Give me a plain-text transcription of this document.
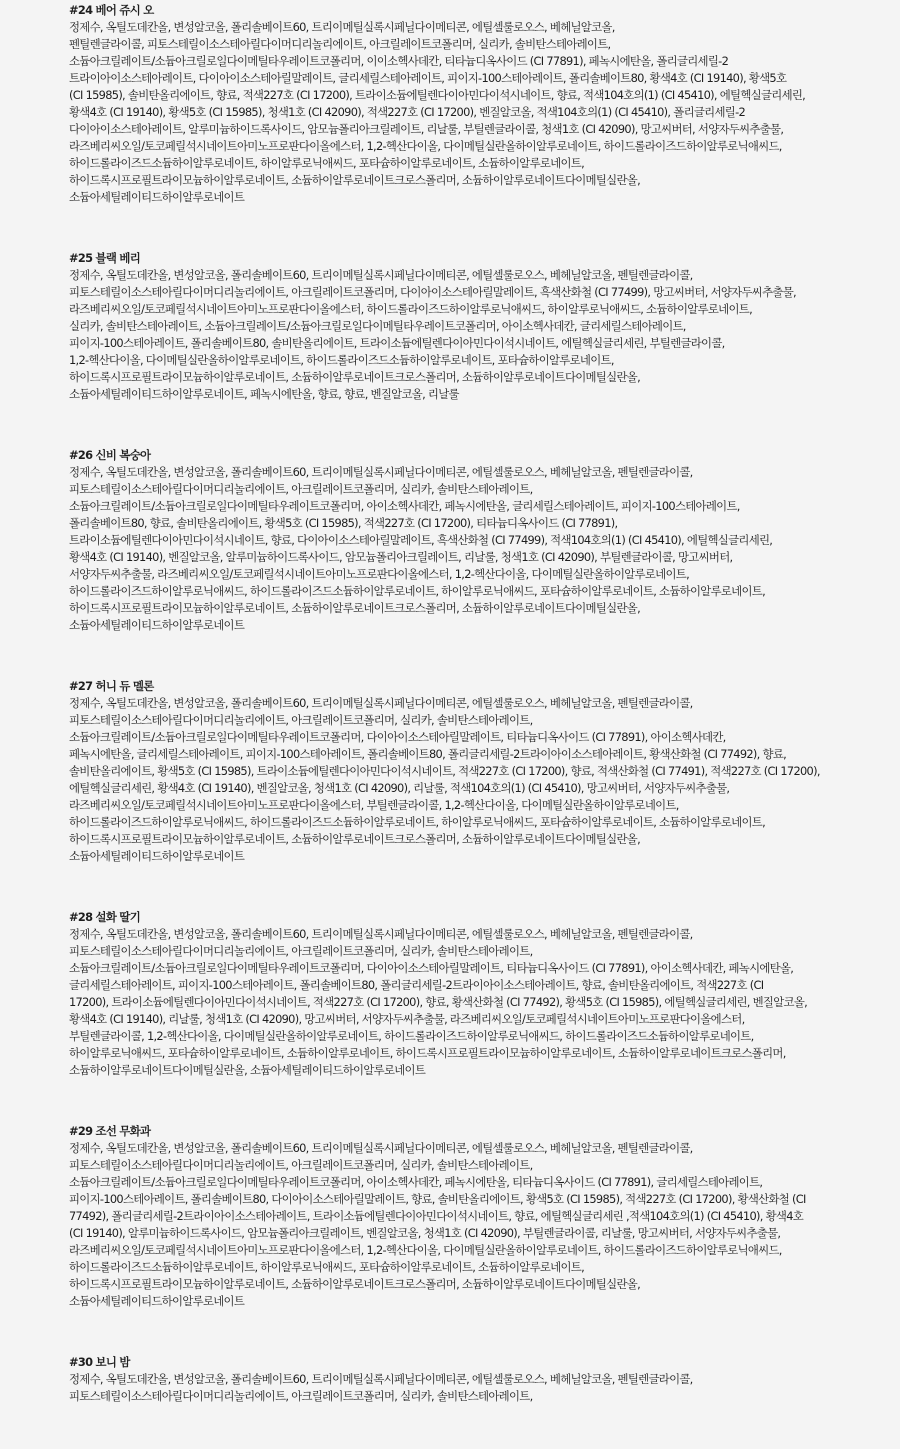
#24 베어 쥬시 오
정제수, 옥틸도데칸올, 변성알코올, 폴리솔베이트60, 트리이메틸실록시페닐다이메티콘, 에틸셀룰로오스, 베헤닐알코올,
펜틸렌글라이콜, 피토스테릴이소스테아릴다이머디리놀리에이트, 아크릴레이트코폴리머, 실리카, 솔비탄스테아레이트,
소듐아크릴레이트/소듐아크릴로일다이메틸타우레이트코폴리머, 이이소헥사데칸, 티타늄디옥사이드 (CI 77891), 페녹시에탄올, 폴리글리세릴-2
트라이아이소스테아레이트, 다이아이소스테아릴말레이트, 글리세릴스테아레이트, 피이지-100스테아레이트, 폴리솔베이트80, 황색4호 (CI 19140), 황색5호
(CI 15985), 솔비탄올리에이트, 향료, 적색227호 (CI 17200), 트라이소듐에틸렌다이아민다이석시네이트, 향료, 적색104호의(1) (CI 45410), 에틸헥실글리세린,
황색4호 (CI 19140), 황색5호 (CI 15985), 청색1호 (CI 42090), 적색227호 (CI 17200), 벤질알코올, 적색104호의(1) (CI 45410), 폴리글리세릴-2
다이아이소스테아레이트, 알루미늄하이드록사이드, 암모늄폴리아크릴레이트, 리날룰, 부틸렌글라이콜, 청색1호 (CI 42090), 망고씨버터, 서양자두씨추출물,
라즈베리씨오일/토코페릴석시네이트아미노프로판다이올에스터, 1,2-헥산다이올, 다이메틸실란올하이알루로네이트, 하이드롤라이즈드하이알루로닉애씨드,
하이드롤라이즈드소듐하이알루로네이트, 하이알루로닉애씨드, 포타슘하이알루로네이트, 소듐하이알루로네이트,
하이드록시프로필트라이모늄하이알루로네이트, 소듐하이알루로네이트크로스폴리머, 소듐하이알루로네이트다이메틸실란올,
소듐아세틸레이티드하이알루로네이트
#25 블랙 베리
정제수, 옥틸도데칸올, 변성알코올, 폴리솔베이트60, 트리이메틸실록시페닐다이메티콘, 에틸셀룰로오스, 베헤닐알코올, 펜틸렌글라이콜,
피토스테릴이소스테아릴다이머디리놀리에이트, 아크릴레이트코폴리머, 다이아이소스테아릴말레이트, 흑색산화철 (CI 77499), 망고씨버터, 서양자두씨추출물,
라즈베리씨오일/토코페릴석시네이트아미노프로판다이올에스터, 하이드롤라이즈드하이알루로닉애씨드, 하이알루로닉애씨드, 소듐하이알루로네이트,
실리카, 솔비탄스테아레이트, 소듐아크릴레이트/소듐아크릴로일다이메틸타우레이트코폴리머, 아이소헥사데칸, 글리세릴스테아레이트,
피이지-100스테아레이트, 폴리솔베이트80, 솔비탄올리에이트, 트라이소듐에틸렌다이아민다이석시네이트, 에틸헥실글리세린, 부틸렌글라이콜,
1,2-헥산다이올, 다이메틸실란올하이알루로네이트, 하이드롤라이즈드소듐하이알루로네이트, 포타슘하이알루로네이트,
하이드록시프로필트라이모늄하이알루로네이트, 소듐하이알루로네이트크로스폴리머, 소듐하이알루로네이트다이메틸실란올,
소듐아세틸레이티드하이알루로네이트, 페녹시에탄올, 향료, 향료, 벤질알코올, 리날룰
#26 신비 복숭아
정제수, 옥틸도데칸올, 변성알코올, 폴리솔베이트60, 트리이메틸실록시페닐다이메티콘, 에틸셀룰로오스, 베헤닐알코올, 펜틸렌글라이콜,
피토스테릴이소스테아릴다이머디리놀리에이트, 아크릴레이트코폴리머, 실리카, 솔비탄스테아레이트,
소듐아크릴레이트/소듐아크릴로일다이메틸타우레이트코폴리머, 아이소헥사데칸, 페녹시에탄올, 글리세릴스테아레이트, 피이지-100스테아레이트,
폴리솔베이트80, 향료, 솔비탄올리에이트, 황색5호 (CI 15985), 적색227호 (CI 17200), 티타늄디옥사이드 (CI 77891),
트라이소듐에틸렌다이아민다이석시네이트, 향료, 다이아이소스테아릴말레이트, 흑색산화철 (CI 77499), 적색104호의(1) (CI 45410), 에틸헥실글리세린,
황색4호 (CI 19140), 벤질알코올, 알루미늄하이드록사이드, 암모늄폴리아크릴레이트, 리날룰, 청색1호 (CI 42090), 부틸렌글라이콜, 망고씨버터,
서양자두씨추출물, 라즈베리씨오일/토코페릴석시네이트아미노프로판다이올에스터, 1,2-헥산다이올, 다이메틸실란올하이알루로네이트,
하이드롤라이즈드하이알루로닉애씨드, 하이드롤라이즈드소듐하이알루로네이트, 하이알루로닉애씨드, 포타슘하이알루로네이트, 소듐하이알루로네이트,
하이드록시프로필트라이모늄하이알루로네이트, 소듐하이알루로네이트크로스폴리머, 소듐하이알루로네이트다이메틸실란올,
소듐아세틸레이티드하이알루로네이트
#27 허니 듀 멜론
정제수, 옥틸도데칸올, 변성알코올, 폴리솔베이트60, 트리이메틸실록시페닐다이메티콘, 에틸셀룰로오스, 베헤닐알코올, 펜틸렌글라이콜,
피토스테릴이소스테아릴다이머디리놀리에이트, 아크릴레이트코폴리머, 실리카, 솔비탄스테아레이트,
소듐아크릴레이트/소듐아크릴로일다이메틸타우레이트코폴리머, 다이아이소스테아릴말레이트, 티타늄디옥사이드 (CI 77891), 아이소헥사데칸,
페녹시에탄올, 글리세릴스테아레이트, 피이지-100스테아레이트, 폴리솔베이트80, 폴리글리세릴-2트라이아이소스테아레이트, 황색산화철 (CI 77492), 향료,
솔비탄올리에이트, 황색5호 (CI 15985), 트라이소듐에틸렌다이아민다이석시네이트, 적색227호 (CI 17200), 향료, 적색산화철 (CI 77491), 적색227호 (CI 17200),
에틸헥실글리세린, 황색4호 (CI 19140), 벤질알코올, 청색1호 (CI 42090), 리날룰, 적색104호의(1) (CI 45410), 망고씨버터, 서양자두씨추출물,
라즈베리씨오일/토코페릴석시네이트아미노프로판다이올에스터, 부틸렌글라이콜, 1,2-헥산다이올, 다이메틸실란올하이알루로네이트,
하이드롤라이즈드하이알루로닉애씨드, 하이드롤라이즈드소듐하이알루로네이트, 하이알루로닉애씨드, 포타슘하이알루로네이트, 소듐하이알루로네이트,
하이드록시프로필트라이모늄하이알루로네이트, 소듐하이알루로네이트크로스폴리머, 소듐하이알루로네이트다이메틸실란올,
소듐아세틸레이티드하이알루로네이트
#28 설화 딸기
정제수, 옥틸도데칸올, 변성알코올, 폴리솔베이트60, 트리이메틸실록시페닐다이메티콘, 에틸셀룰로오스, 베헤닐알코올, 펜틸렌글라이콜,
피토스테릴이소스테아릴다이머디리놀리에이트, 아크릴레이트코폴리머, 실리카, 솔비탄스테아레이트,
소듐아크릴레이트/소듐아크릴로일다이메틸타우레이트코폴리머, 다이아이소스테아릴말레이트, 티타늄디옥사이드 (CI 77891), 아이소헥사데칸, 페녹시에탄올,
글리세릴스테아레이트, 피이지-100스테아레이트, 폴리솔베이트80, 폴리글리세릴-2트라이아이소스테아레이트, 향료, 솔비탄올리에이트, 적색227호 (CI
17200), 트라이소듐에틸렌다이아민다이석시네이트, 적색227호 (CI 17200), 향료, 황색산화철 (CI 77492), 황색5호 (CI 15985), 에틸헥실글리세린, 벤질알코올,
황색4호 (CI 19140), 리날룰, 청색1호 (CI 42090), 망고씨버터, 서양자두씨추출물, 라즈베리씨오일/토코페릴석시네이트아미노프로판다이올에스터,
부틸렌글라이콜, 1,2-헥산다이올, 다이메틸실란올하이알루로네이트, 하이드롤라이즈드하이알루로닉애씨드, 하이드롤라이즈드소듐하이알루로네이트,
하이알루로닉애씨드, 포타슘하이알루로네이트, 소듐하이알루로네이트, 하이드록시프로필트라이모늄하이알루로네이트, 소듐하이알루로네이트크로스폴리머,
소듐하이알루로네이트다이메틸실란올, 소듐아세틸레이티드하이알루로네이트
#29 조선 무화과
정제수, 옥틸도데칸올, 변성알코올, 폴리솔베이트60, 트리이메틸실록시페닐다이메티콘, 에틸셀룰로오스, 베헤닐알코올, 펜틸렌글라이콜,
피토스테릴이소스테아릴다이머디리놀리에이트, 아크릴레이트코폴리머, 실리카, 솔비탄스테아레이트,
소듐아크릴레이트/소듐아크릴로일다이메틸타우레이트코폴리머, 아이소헥사데칸, 페녹시에탄올, 티타늄디옥사이드 (CI 77891), 글리세릴스테아레이트,
피이지-100스테아레이트, 폴리솔베이트80, 다이아이소스테아릴말레이트, 향료, 솔비탄올리에이트, 황색5호 (CI 15985), 적색227호 (CI 17200), 황색산화철 (CI
77492), 폴리글리세릴-2트라이아이소스테아레이트, 트라이소듐에틸렌다이아민다이석시네이트, 향료, 에틸헥실글리세린 ,적색104호의(1) (CI 45410), 황색4호
(CI 19140), 알루미늄하이드록사이드, 암모늄폴리아크릴레이트, 벤질알코올, 청색1호 (CI 42090), 부틸렌글라이콜, 리날룰, 망고씨버터, 서양자두씨추출물,
라즈베리씨오일/토코페릴석시네이트아미노프로판다이올에스터, 1,2-헥산다이올, 다이메틸실란올하이알루로네이트, 하이드롤라이즈드하이알루로닉애씨드,
하이드롤라이즈드소듐하이알루로네이트, 하이알루로닉애씨드, 포타슘하이알루로네이트, 소듐하이알루로네이트,
하이드록시프로필트라이모늄하이알루로네이트, 소듐하이알루로네이트크로스폴리머, 소듐하이알루로네이트다이메틸실란올,
소듐아세틸레이티드하이알루로네이트
#30 보니 밤
정제수, 옥틸도데칸올, 변성알코올, 폴리솔베이트60, 트리이메틸실록시페닐다이메티콘, 에틸셀룰로오스, 베헤닐알코올, 펜틸렌글라이콜,
피토스테릴이소스테아릴다이머디리놀리에이트, 아크릴레이트코폴리머, 실리카, 솔비탄스테아레이트,
